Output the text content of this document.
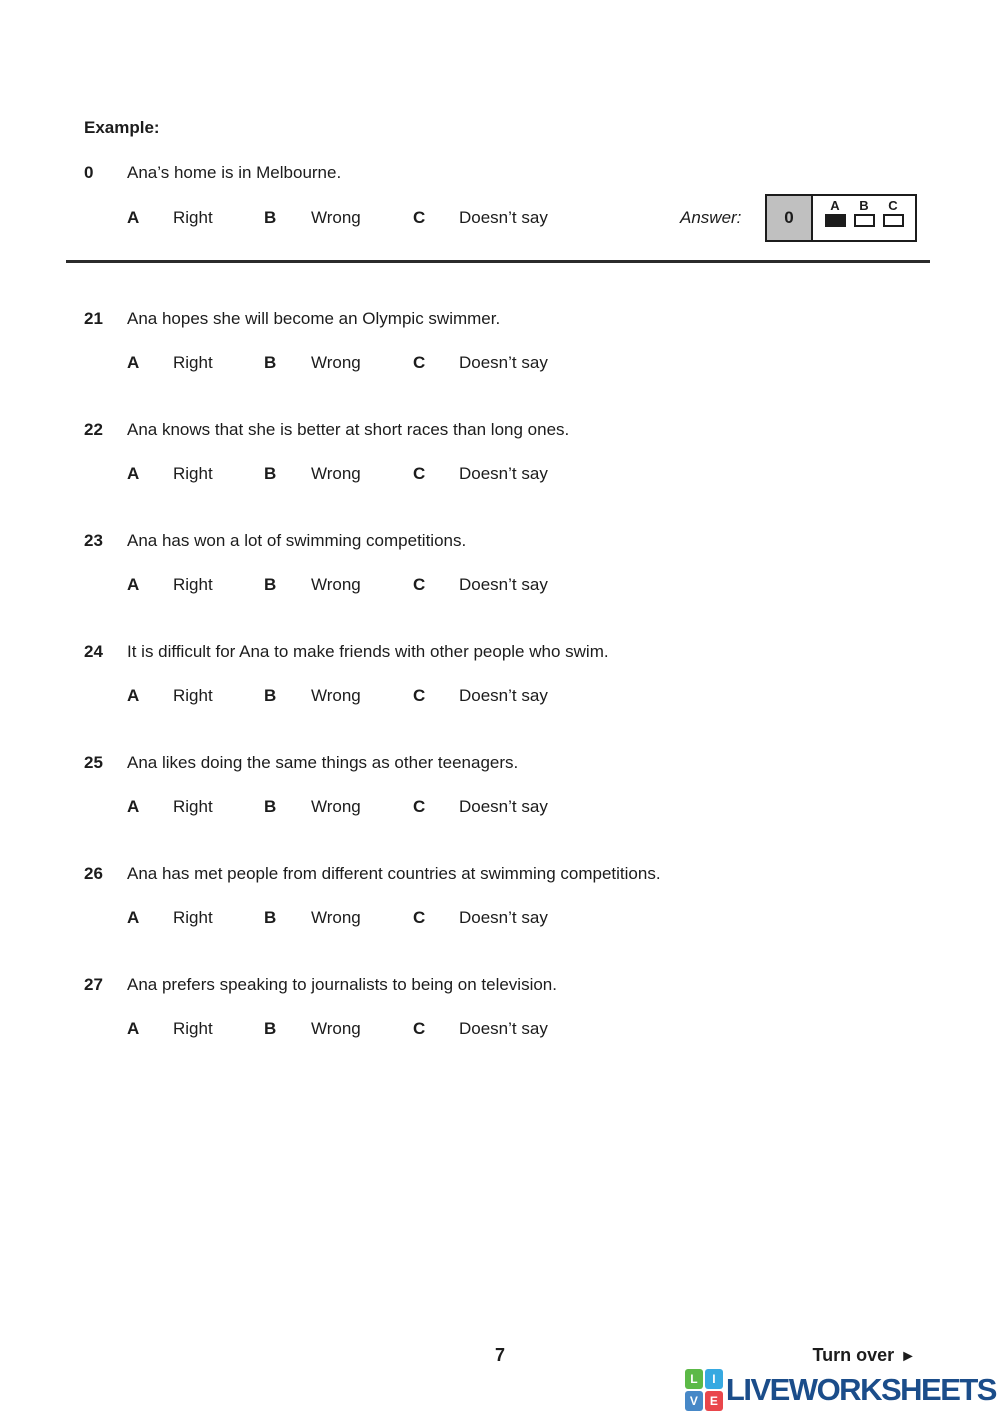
Example:
0 Ana’s home is in Melbourne.
A Right	B Wrong	C Doesn’t say	Answer:	0
A B C
21 Ana hopes she will become an Olympic swimmer.
A Right	B Wrong	C Doesn’t say
22 Ana knows that she is better at short races than long ones.
A Right	B Wrong	C Doesn’t say
23 Ana has won a lot of swimming competitions.
A Right	B Wrong	C Doesn’t say
24 It is difficult for Ana to make friends with other people who swim.
A Right	B Wrong	C Doesn’t say
25 Ana likes doing the same things as other teenagers.
A Right	B Wrong	C Doesn’t say
26 Ana has met people from different countries at swimming competitions.
A Right	B Wrong	C Doesn’t say
27 Ana prefers speaking to journalists to being on television.
A Right	B Wrong	C Doesn’t say
7	Turn over ►
L	I
V E LIVEWORKSHEETS
